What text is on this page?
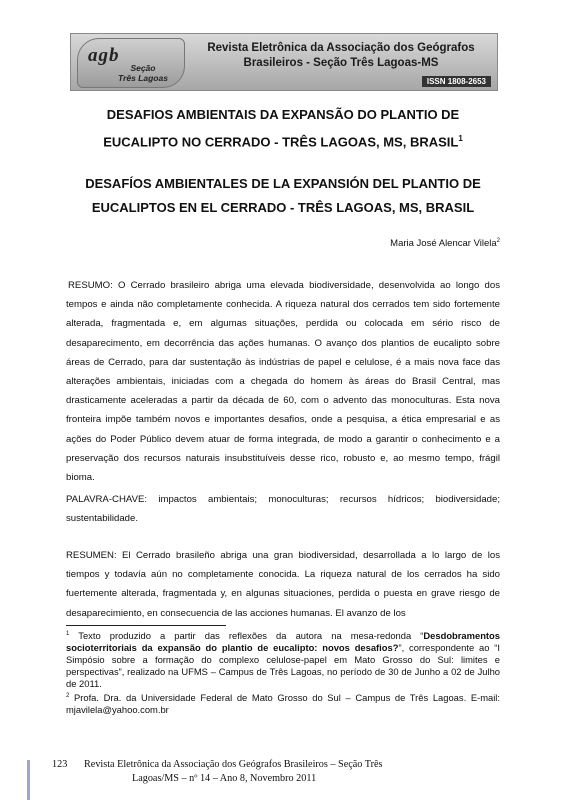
agb
Seção
Três Lagoas
Revista Eletrônica da Associação dos Geógrafos
Brasileiros - Seção Três Lagoas-MS
ISSN 1808-2653
DESAFIOS AMBIENTAIS DA EXPANSÃO DO PLANTIO DE
EUCALIPTO NO CERRADO - TRÊS LAGOAS, MS, BRASIL$^1$
DESAFÍOS AMBIENTALES DE LA EXPANSIÓN DEL PLANTIO DE
EUCALIPTOS EN EL CERRADO - TRÊS LAGOAS, MS, BRASIL
Maria José Alencar Vilela$^2$

RESUMO: O Cerrado brasileiro abriga uma elevada biodiversidade, desenvolvida ao longo dos tempos e ainda não completamente conhecida. A riqueza natural dos cerrados tem sido fortemente alterada, fragmentada e, em algumas situações, perdida ou colocada em sério risco de desaparecimento, em decorrência das ações humanas. O avanço dos plantios de eucalipto sobre áreas de Cerrado, para dar sustentação às indústrias de papel e celulose, é a mais nova face das alterações ambientais, iniciadas com a chegada do homem às áreas do Brasil Central, mas drasticamente aceleradas a partir da década de 60, com o advento das monoculturas. Esta nova fronteira impõe também novos e importantes desafios, onde a pesquisa, a ética empresarial e as ações do Poder Público devem atuar de forma integrada, de modo a garantir o conhecimento e a preservação dos recursos naturais insubstituíveis desse rico, robusto e, ao mesmo tempo, frágil bioma.

PALAVRA-CHAVE: impactos ambientais; monoculturas; recursos hídricos; biodiversidade; sustentabilidade.

RESUMEN: El Cerrado brasileño abriga una gran biodiversidad, desarrollada a lo largo de los tiempos y todavía aún no completamente conocida. La riqueza natural de los cerrados ha sido fuertemente alterada, fragmentada y, en algunas situaciones, perdida o puesta en grave riesgo de desaparecimiento, en consecuencia de las acciones humanas. El avanzo de los

$^1$ Texto produzido a partir das reflexões da autora na mesa-redonda “Desdobramentos socioterritoriais da expansão do plantio de eucalipto: novos desafios?”, correspondente ao “I Simpósio sobre a formação do complexo celulose-papel em Mato Grosso do Sul: limites e perspectivas”, realizado na UFMS – Campus de Três Lagoas, no período de 30 de Junho a 02 de Julho de 2011.

$^2$ Profa. Dra. da Universidade Federal de Mato Grosso do Sul – Campus de Três Lagoas. E-mail: mjavilela@yahoo.com.br

123 Revista Eletrônica da Associação dos Geógrafos Brasileiros – Seção Três
Lagoas/MS – nº 14 – Ano 8, Novembro 2011
